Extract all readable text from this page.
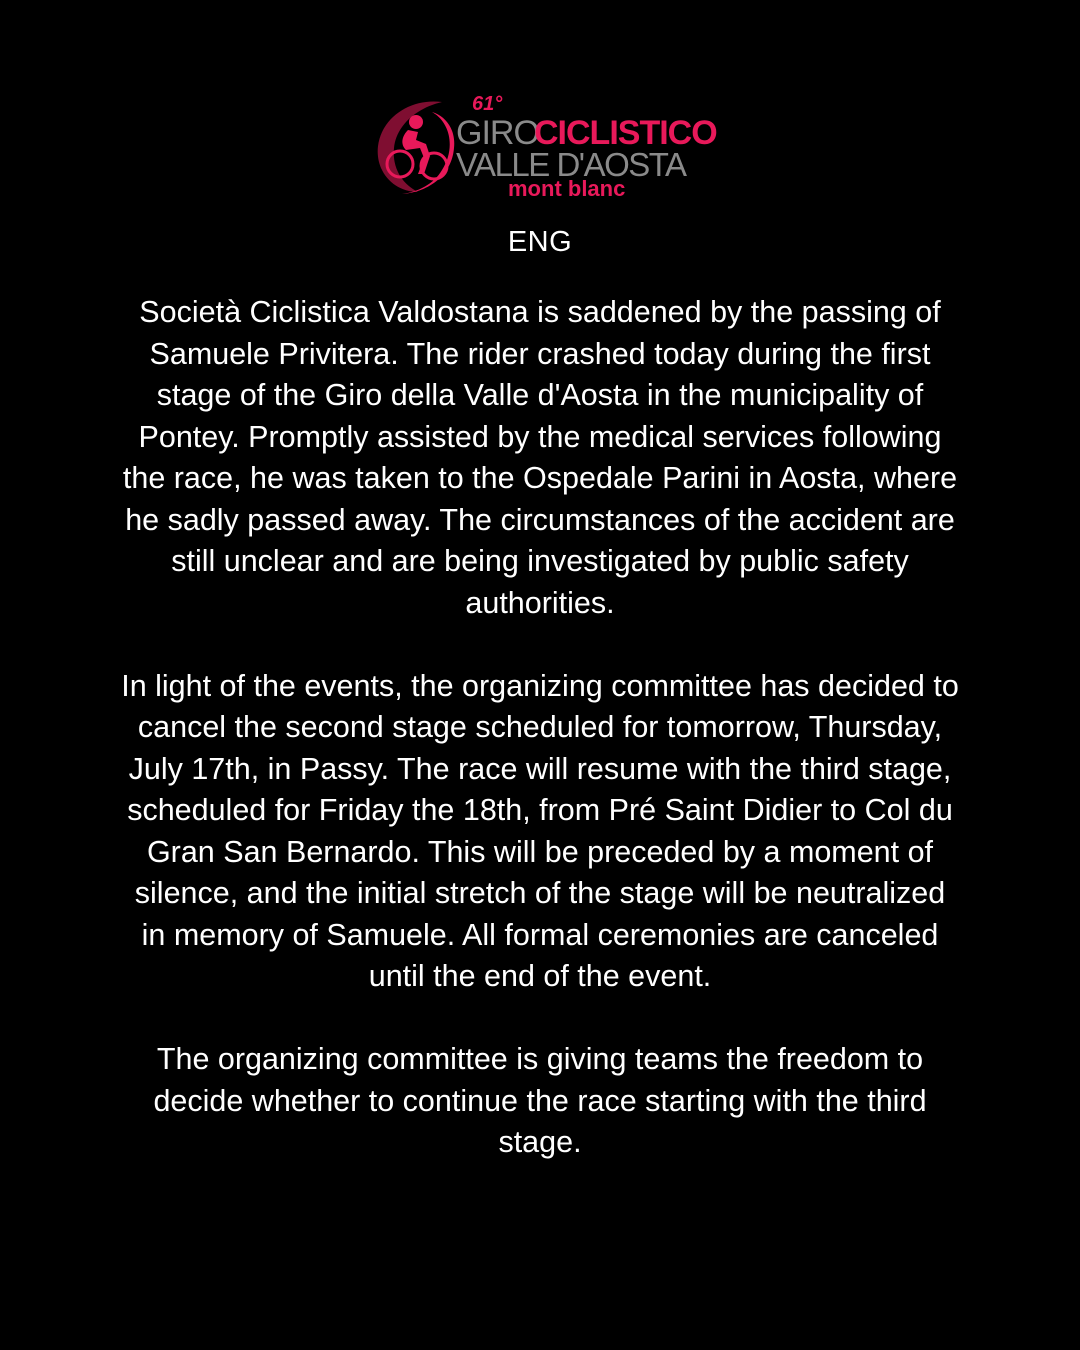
61°
GIRO
CICLISTICO
VALLE D'AOSTA
mont blanc
ENG

Società Ciclistica Valdostana is saddened by the passing of Samuele Privitera. The rider crashed today during the first stage of the Giro della Valle d'Aosta in the municipality of Pontey. Promptly assisted by the medical services following the race, he was taken to the Ospedale Parini in Aosta, where he sadly passed away. The circumstances of the accident are still unclear and are being investigated by public safety authorities.

In light of the events, the organizing committee has decided to cancel the second stage scheduled for tomorrow, Thursday, July 17th, in Passy. The race will resume with the third stage, scheduled for Friday the 18th, from Pré Saint Didier to Col du Gran San Bernardo. This will be preceded by a moment of silence, and the initial stretch of the stage will be neutralized in memory of Samuele. All formal ceremonies are canceled until the end of the event.

The organizing committee is giving teams the freedom to decide whether to continue the race starting with the third stage.
